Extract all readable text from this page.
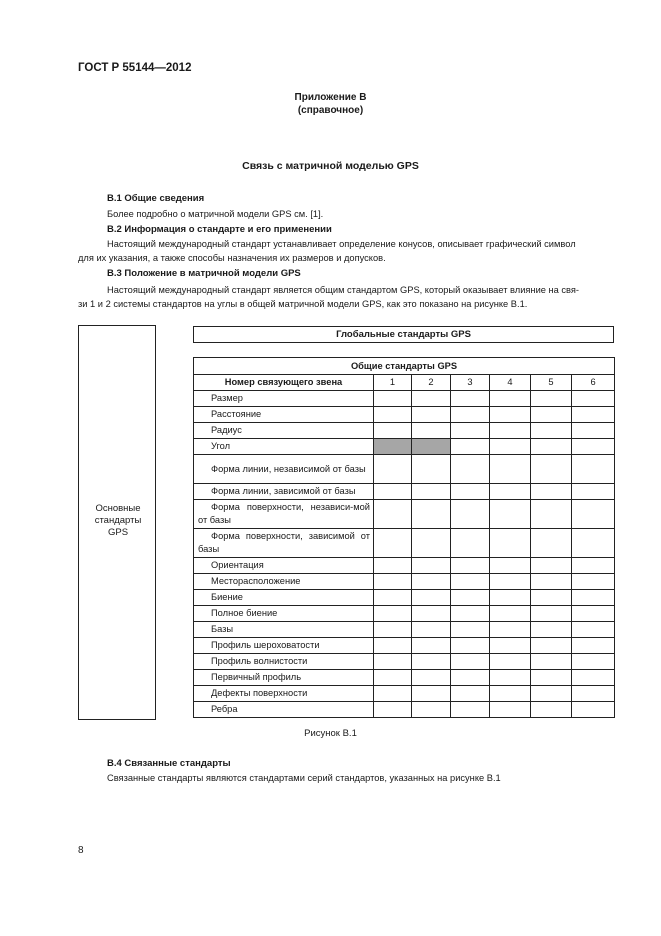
ГОСТ Р 55144—2012
Приложение В
(справочное)
Связь с матричной моделью GPS
В.1 Общие сведения
Более подробно о матричной модели GPS см. [1].
В.2 Информация о стандарте и его применении
Настоящий международный стандарт устанавливает определение конусов, описывает графический символ
для их указания, а также способы назначения их размеров и допусков.
В.3 Положение в матричной модели GPS
Настоящий международный стандарт является общим стандартом GPS, который оказывает влияние на свя-
зи 1 и 2 системы стандартов на углы в общей матричной модели GPS, как это показано на рисунке В.1.
Основные
стандарты
GPS
Глобальные стандарты GPS
Общие стандарты GPS						
Номер связующего звена	1	2	3	4	5	6
Размер						
Расстояние						
Радиус						
Угол						
Форма линии, независимой от базы						
Форма линии, зависимой от базы						
Форма поверхности, независи-мой от базы						
Форма поверхности, зависимой от базы						
Ориентация						
Месторасположение						
Биение						
Полное биение						
Базы						
Профиль шероховатости						
Профиль волнистости						
Первичный профиль						
Дефекты поверхности						
Ребра						
Рисунок В.1
В.4 Связанные стандарты
Связанные стандарты являются стандартами серий стандартов, указанных на рисунке В.1
8
